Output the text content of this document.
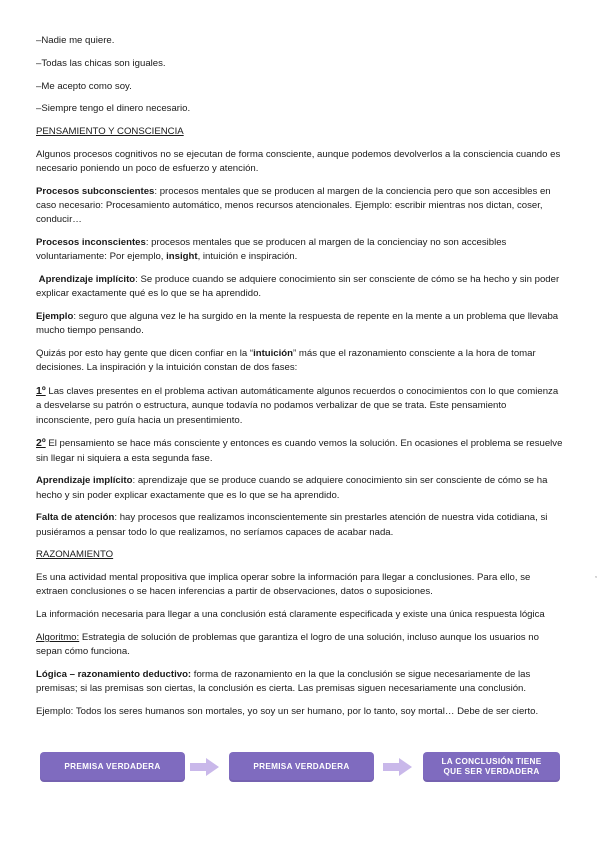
–Nadie me quiere.

–Todas las chicas son iguales.

–Me acepto como soy.

–Siempre tengo el dinero necesario.

PENSAMIENTO Y CONSCIENCIA

Algunos procesos cognitivos no se ejecutan de forma consciente, aunque podemos devolverlos a la consciencia cuando es necesario poniendo un poco de esfuerzo y atención.

Procesos subconscientes: procesos mentales que se producen al margen de la conciencia pero que son accesibles en caso necesario: Procesamiento automático, menos recursos atencionales. Ejemplo: escribir mientras nos dictan, coser, conducir…

Procesos inconscientes: procesos mentales que se producen al margen de la concienciay no son accesibles voluntariamente: Por ejemplo, insight, intuición e inspiración.

Aprendizaje implícito: Se produce cuando se adquiere conocimiento sin ser consciente de cómo se ha hecho y sin poder explicar exactamente qué es lo que se ha aprendido.

Ejemplo: seguro que alguna vez le ha surgido en la mente la respuesta de repente en la mente a un problema que llevaba mucho tiempo pensando.

Quizás por esto hay gente que dicen confiar en la “intuición” más que el razonamiento consciente a la hora de tomar decisiones. La inspiración y la intuición constan de dos fases:

1º Las claves presentes en el problema activan automáticamente algunos recuerdos o conocimientos con lo que comienza a desvelarse su patrón o estructura, aunque todavía no podamos verbalizar de que se trata. Este pensamiento inconsciente, pero guía hacia un presentimiento.

2º El pensamiento se hace más consciente y entonces es cuando vemos la solución. En ocasiones el problema se resuelve sin llegar ni siquiera a esta segunda fase.

Aprendizaje implícito: aprendizaje que se produce cuando se adquiere conocimiento sin ser consciente de cómo se ha hecho y sin poder explicar exactamente que es lo que se ha aprendido.

Falta de atención: hay procesos que realizamos inconscientemente sin prestarles atención de nuestra vida cotidiana, si pusiéramos a pensar todo lo que realizamos, no seríamos capaces de acabar nada.

RAZONAMIENTO

Es una actividad mental propositiva que implica operar sobre la información para llegar a conclusiones. Para ello, se extraen conclusiones o se hacen inferencias a partir de observaciones, datos o suposiciones.

La información necesaria para llegar a una conclusión está claramente especificada y existe una única respuesta lógica

Algoritmo: Estrategia de solución de problemas que garantiza el logro de una solución, incluso aunque los usuarios no sepan cómo funciona.

Lógica – razonamiento deductivo: forma de razonamiento en la que la conclusión se sigue necesariamente de las premisas; si las premisas son ciertas, la conclusión es cierta. Las premisas siguen necesariamente una conclusión.

Ejemplo: Todos los seres humanos son mortales, yo soy un ser humano, por lo tanto, soy mortal… Debe de ser cierto.

,
PREMISA VERDADERA	PREMISA VERDADERA
LA CONCLUSIÓN TIENE
QUE SER VERDADERA
